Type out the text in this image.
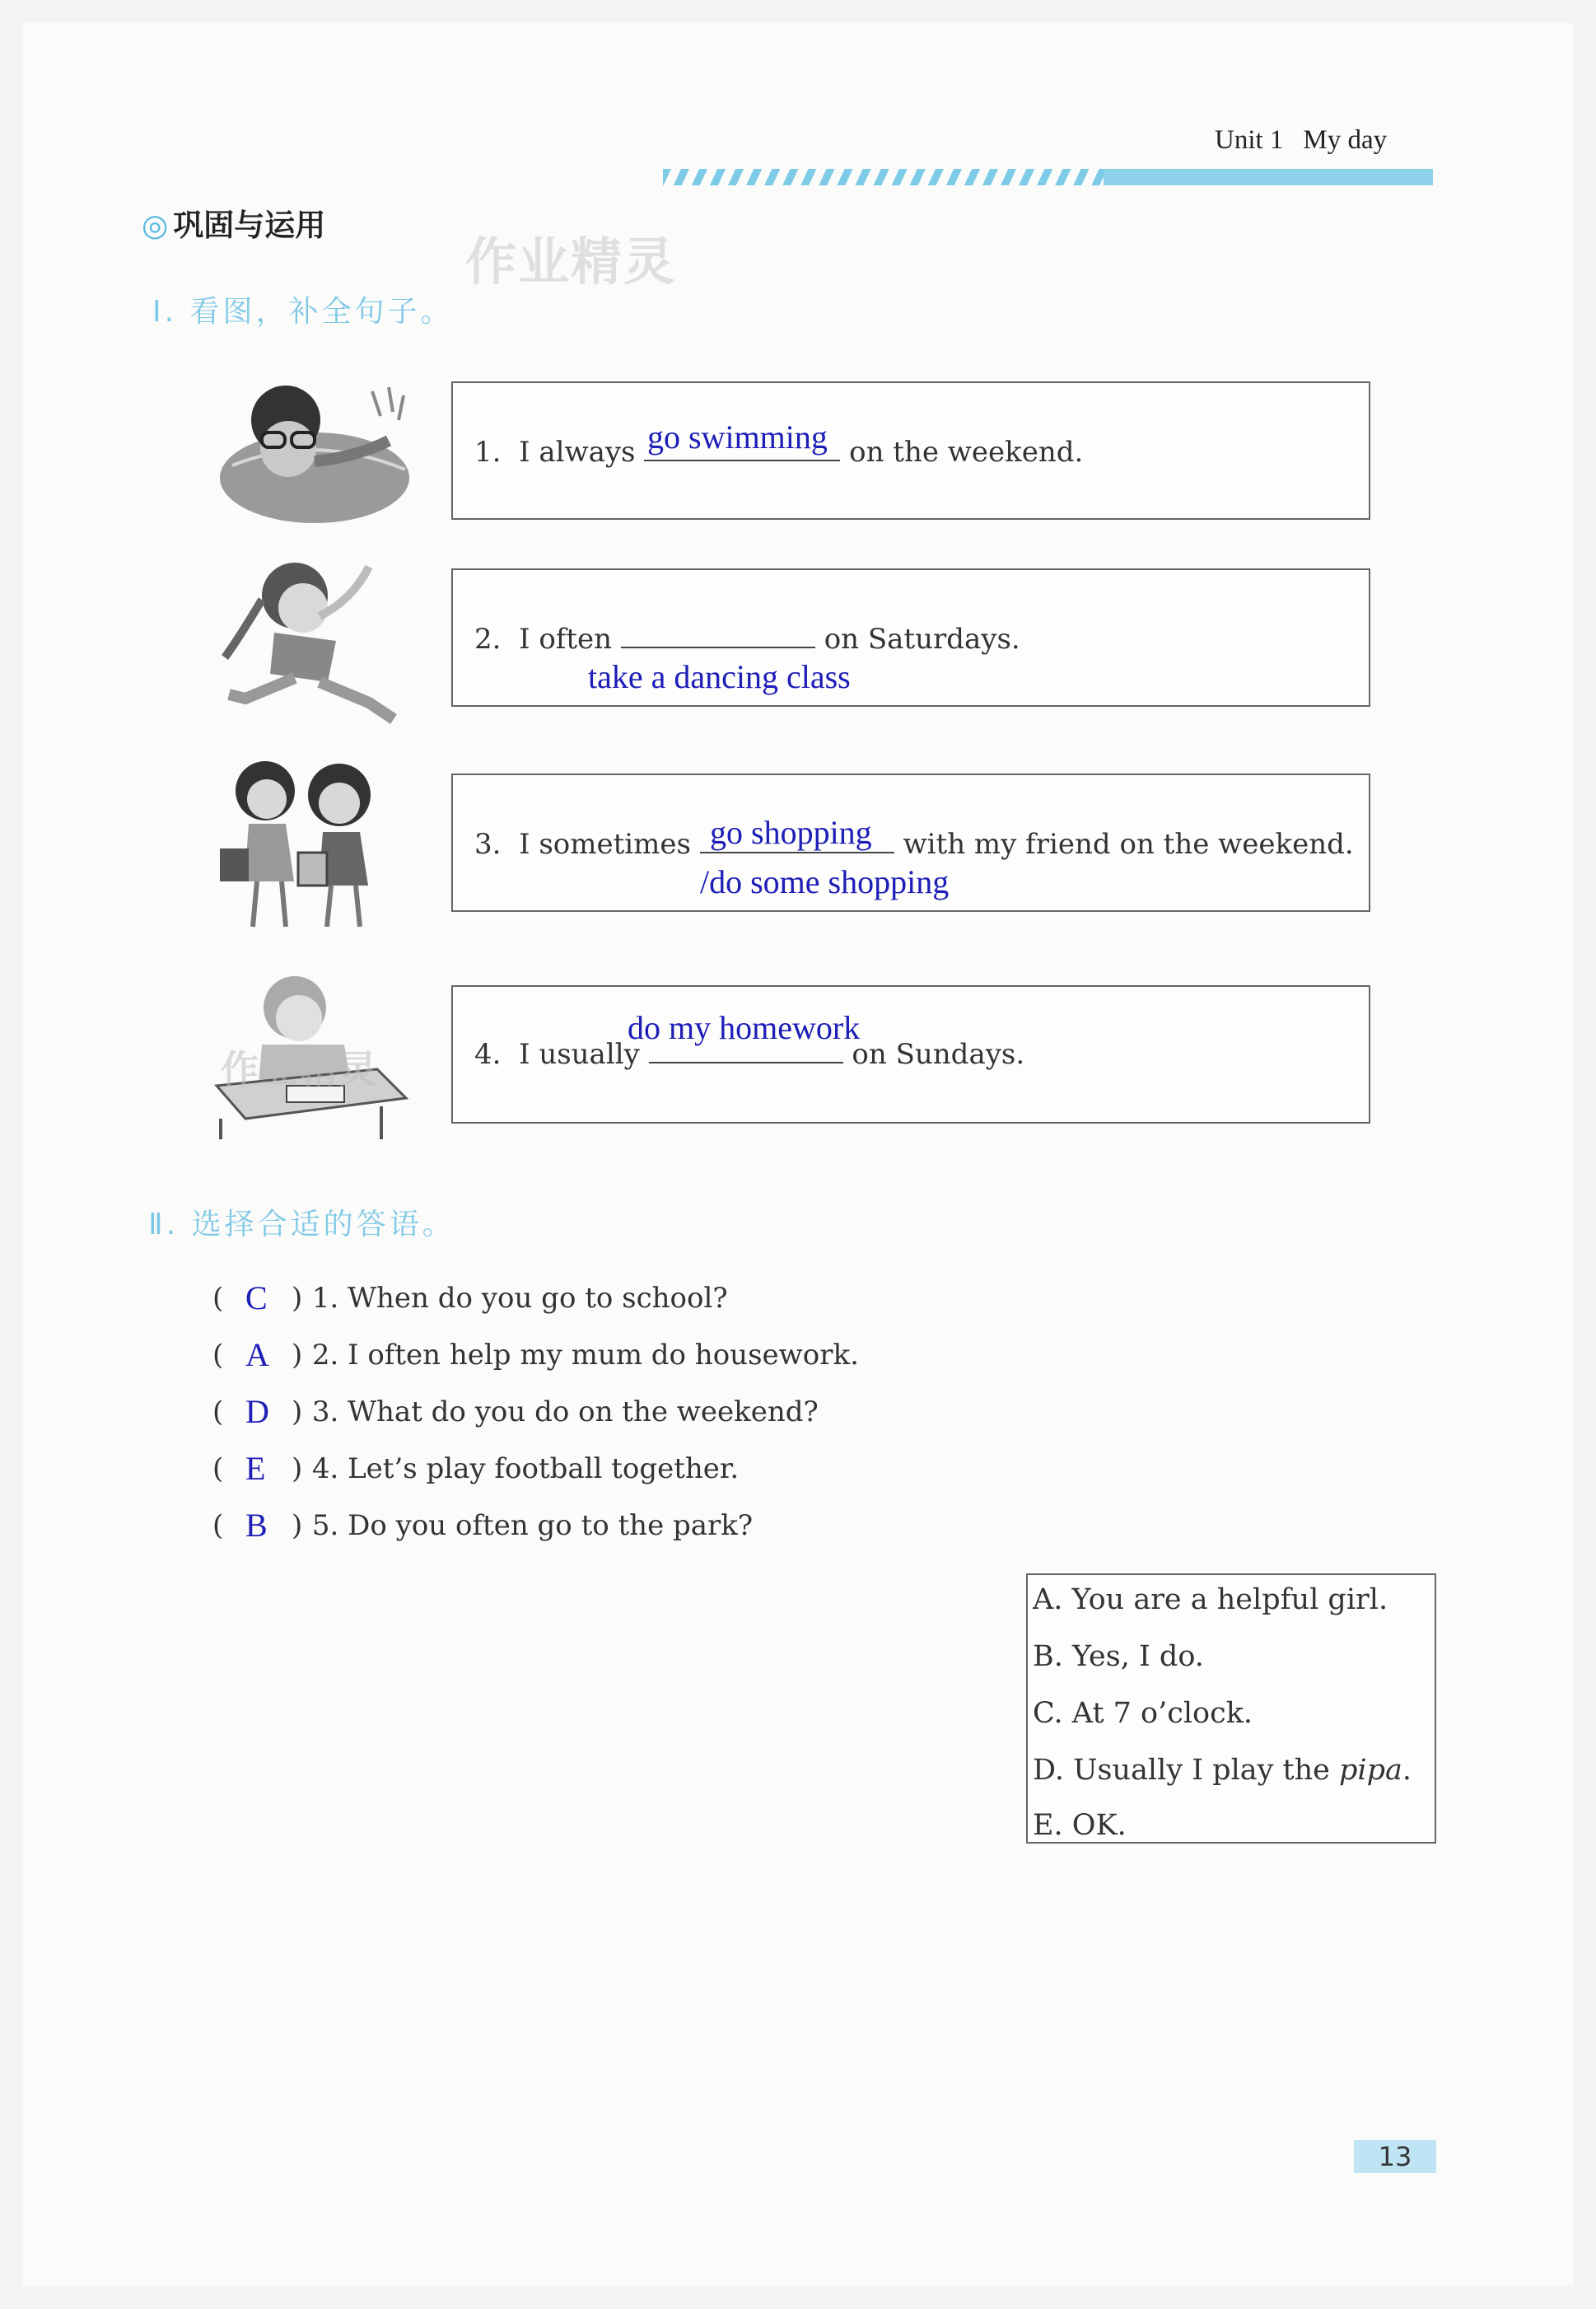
Unit 1 My day
◎ 巩固与运用
作业精灵
Ⅰ. 看图，补全句子。
作业精灵
1. I always	on the weekend.
go swimming
2. I often	on Saturdays.
take a dancing class
3. I sometimes	with my friend on the weekend.
go shopping
/do some shopping
4. I usually	on Sundays.
do my homework
Ⅱ. 选择合适的答语。
( C ) 1. When do you go to school?
( A ) 2. I often help my mum do housework.
( D ) 3. What do you do on the weekend?
( E ) 4. Let’s play football together.
( B ) 5. Do you often go to the park?
A. You are a helpful girl.
B. Yes, I do.
C. At 7 o’clock.
D. Usually I play the pipa.
E. OK.
13
